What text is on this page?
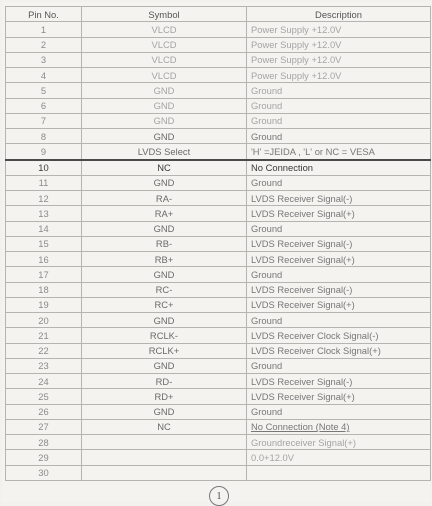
Pin No.	Symbol	Description
1	VLCD	Power Supply +12.0V
2	VLCD	Power Supply +12.0V
3	VLCD	Power Supply +12.0V
4	VLCD	Power Supply +12.0V
5	GND	Ground
6	GND	Ground
7	GND	Ground
8	GND	Ground
9	LVDS Select	'H' =JEIDA , 'L' or NC = VESA
10	NC	No Connection
11	GND	Ground
12	RA-	LVDS Receiver Signal(-)
13	RA+	LVDS Receiver Signal(+)
14	GND	Ground
15	RB-	LVDS Receiver Signal(-)
16	RB+	LVDS Receiver Signal(+)
17	GND	Ground
18	RC-	LVDS Receiver Signal(-)
19	RC+	LVDS Receiver Signal(+)
20	GND	Ground
21	RCLK-	LVDS Receiver Clock Signal(-)
22	RCLK+	LVDS Receiver Clock Signal(+)
23	GND	Ground
24	RD-	LVDS Receiver Signal(-)
25	RD+	LVDS Receiver Signal(+)
26	GND	Ground
27	NC	No Connection (Note 4)
28		Groundreceiver Signal(+)
29		0.0+12.0V
30		
1
